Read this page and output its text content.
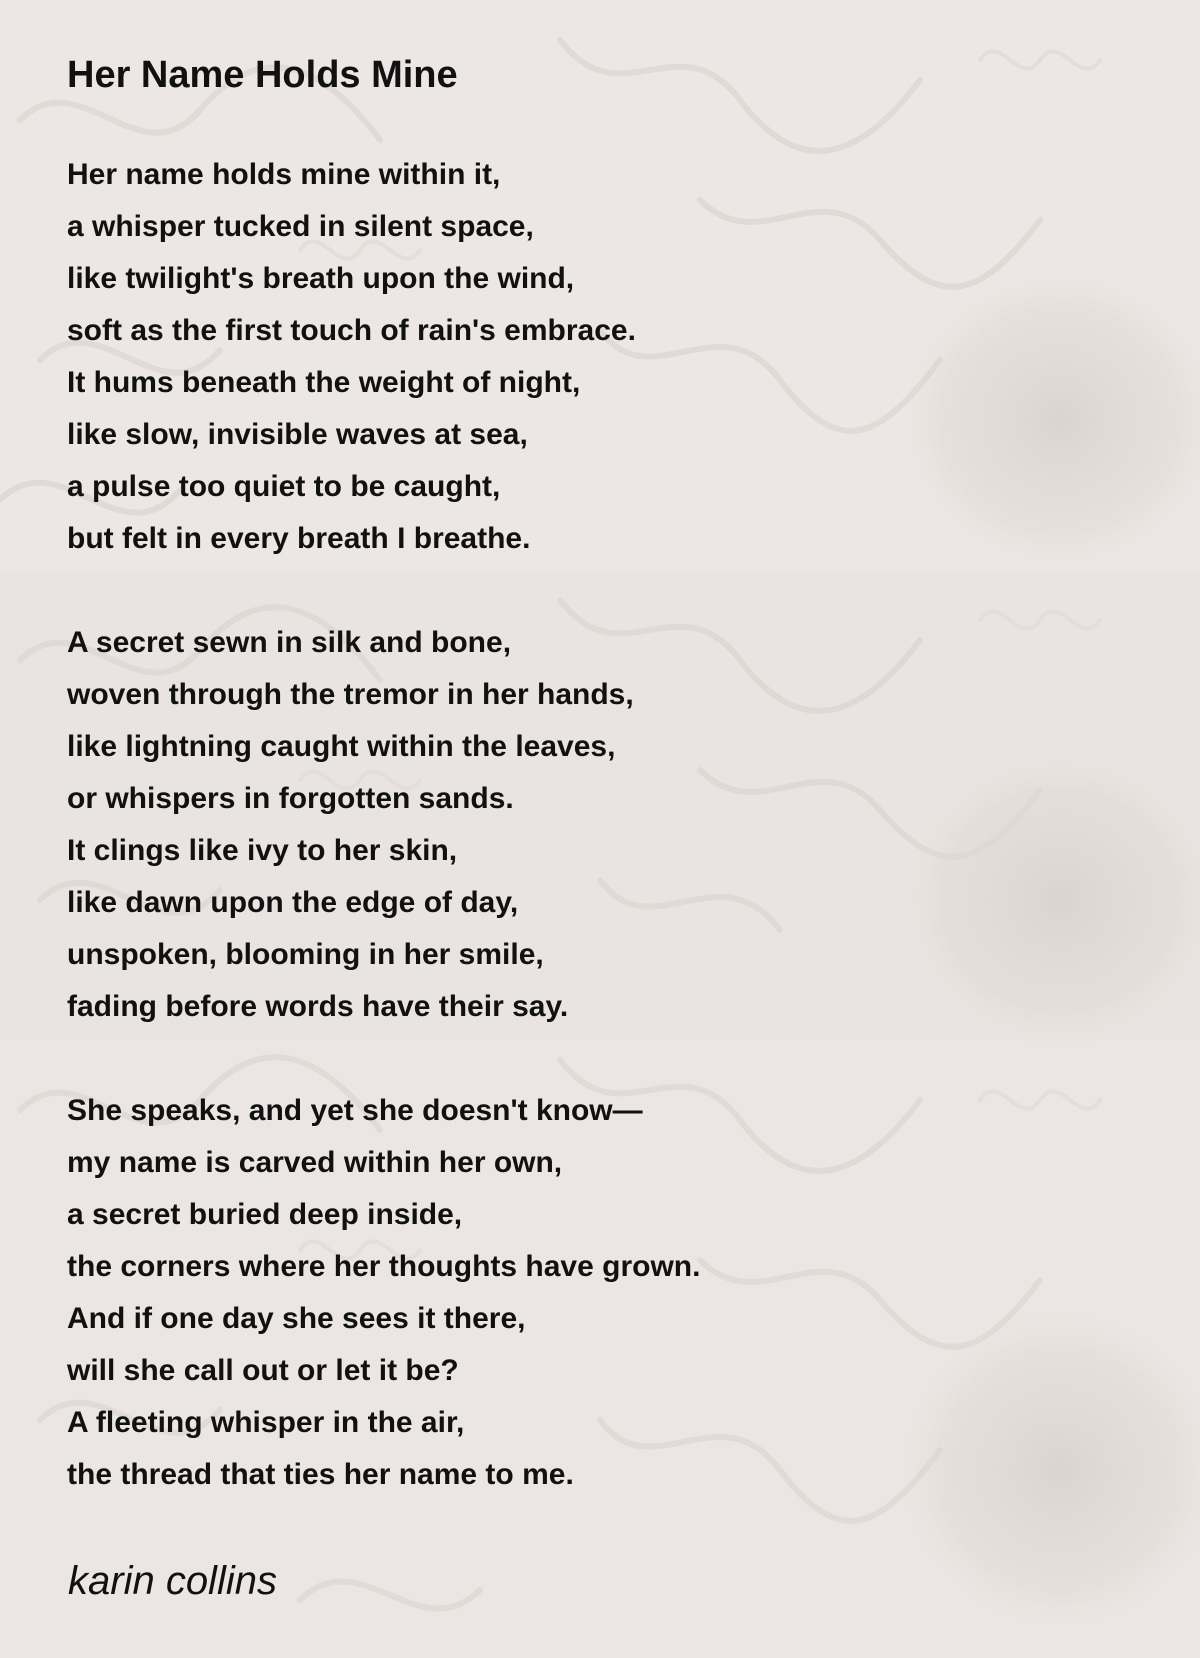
Her Name Holds Mine
Her name holds mine within it,
a whisper tucked in silent space,
like twilight's breath upon the wind,
soft as the first touch of rain's embrace.
It hums beneath the weight of night,
like slow, invisible waves at sea,
a pulse too quiet to be caught,
but felt in every breath I breathe.
A secret sewn in silk and bone,
woven through the tremor in her hands,
like lightning caught within the leaves,
or whispers in forgotten sands.
It clings like ivy to her skin,
like dawn upon the edge of day,
unspoken, blooming in her smile,
fading before words have their say.
She speaks, and yet she doesn't know—
my name is carved within her own,
a secret buried deep inside,
the corners where her thoughts have grown.
And if one day she sees it there,
will she call out or let it be?
A fleeting whisper in the air,
the thread that ties her name to me.

karin collins
